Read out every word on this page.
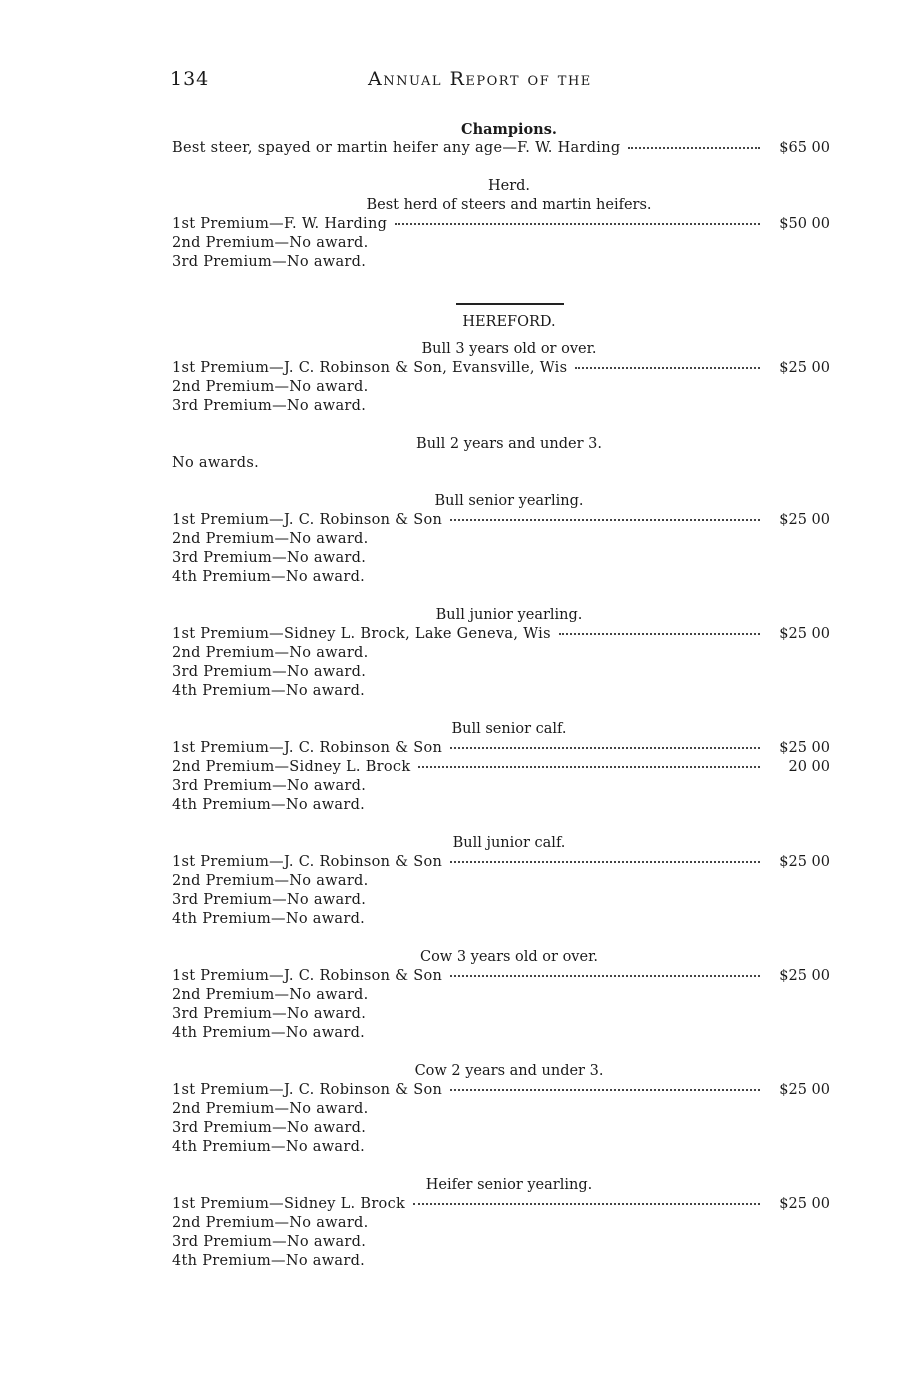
134	Annual Report of the
Champions.
Best steer, spayed or martin heifer any age—F. W. Harding	$65 00
Herd.
Best herd of steers and martin heifers.
1st Premium—F. W. Harding	$50 00
2nd Premium—No award.
3rd Premium—No award.
HEREFORD.
Bull 3 years old or over.
1st Premium—J. C. Robinson & Son, Evansville, Wis	$25 00
2nd Premium—No award.
3rd Premium—No award.
Bull 2 years and under 3.
No awards.
Bull senior yearling.
1st Premium—J. C. Robinson & Son	$25 00
2nd Premium—No award.
3rd Premium—No award.
4th Premium—No award.
Bull junior yearling.
1st Premium—Sidney L. Brock, Lake Geneva, Wis	$25 00
2nd Premium—No award.
3rd Premium—No award.
4th Premium—No award.
Bull senior calf.
1st Premium—J. C. Robinson & Son	$25 00
2nd Premium—Sidney L. Brock	20 00
3rd Premium—No award.
4th Premium—No award.
Bull junior calf.
1st Premium—J. C. Robinson & Son	$25 00
2nd Premium—No award.
3rd Premium—No award.
4th Premium—No award.
Cow 3 years old or over.
1st Premium—J. C. Robinson & Son	$25 00
2nd Premium—No award.
3rd Premium—No award.
4th Premium—No award.
Cow 2 years and under 3.
1st Premium—J. C. Robinson & Son	$25 00
2nd Premium—No award.
3rd Premium—No award.
4th Premium—No award.
Heifer senior yearling.
1st Premium—Sidney L. Brock	$25 00
2nd Premium—No award.
3rd Premium—No award.
4th Premium—No award.
